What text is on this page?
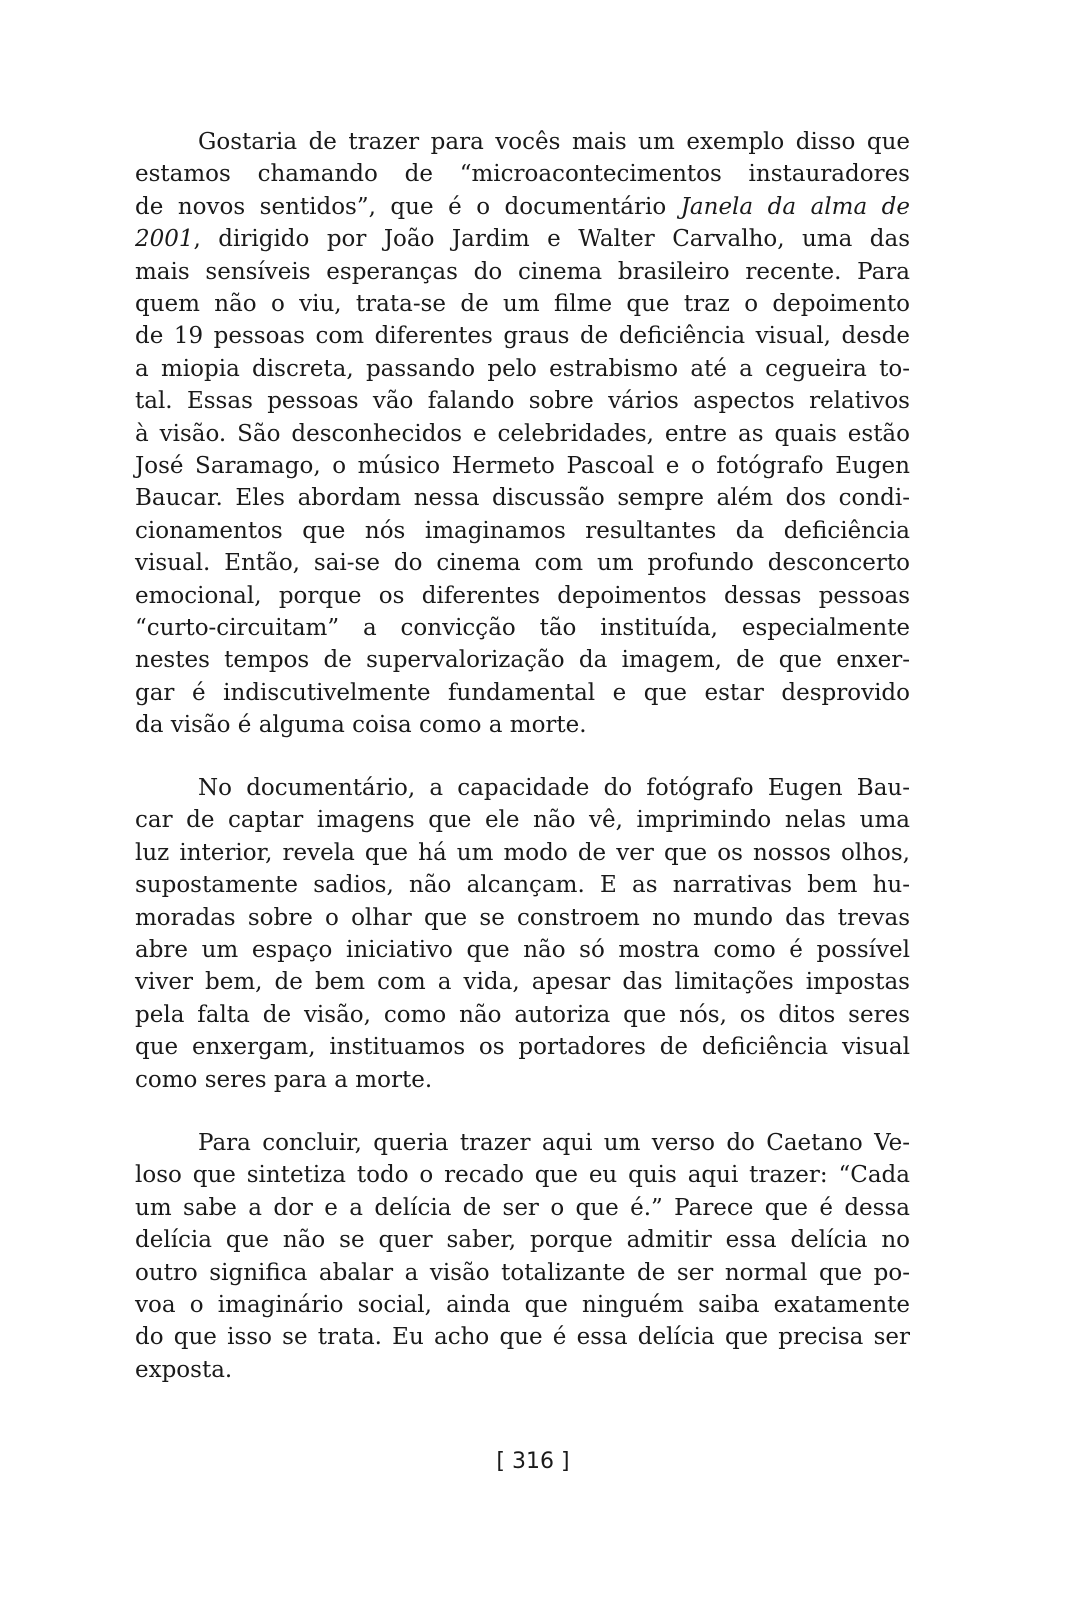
Gostaria de trazer para vocês mais um exemplo disso que
estamos chamando de “microacontecimentos instauradores
de novos sentidos”, que é o documentário Janela da alma de
2001, dirigido por João Jardim e Walter Carvalho, uma das
mais sensíveis esperanças do cinema brasileiro recente. Para
quem não o viu, trata-se de um filme que traz o depoimento
de 19 pessoas com diferentes graus de deficiência visual, desde
a miopia discreta, passando pelo estrabismo até a cegueira to-
tal. Essas pessoas vão falando sobre vários aspectos relativos
à visão. São desconhecidos e celebridades, entre as quais estão
José Saramago, o músico Hermeto Pascoal e o fotógrafo Eugen
Baucar. Eles abordam nessa discussão sempre além dos condi-
cionamentos que nós imaginamos resultantes da deficiência
visual. Então, sai-se do cinema com um profundo desconcerto
emocional, porque os diferentes depoimentos dessas pessoas
“curto-circuitam” a convicção tão instituída, especialmente
nestes tempos de supervalorização da imagem, de que enxer-
gar é indiscutivelmente fundamental e que estar desprovido
da visão é alguma coisa como a morte.
No documentário, a capacidade do fotógrafo Eugen Bau-
car de captar imagens que ele não vê, imprimindo nelas uma
luz interior, revela que há um modo de ver que os nossos olhos,
supostamente sadios, não alcançam. E as narrativas bem hu-
moradas sobre o olhar que se constroem no mundo das trevas
abre um espaço iniciativo que não só mostra como é possível
viver bem, de bem com a vida, apesar das limitações impostas
pela falta de visão, como não autoriza que nós, os ditos seres
que enxergam, instituamos os portadores de deficiência visual
como seres para a morte.
Para concluir, queria trazer aqui um verso do Caetano Ve-
loso que sintetiza todo o recado que eu quis aqui trazer: “Cada
um sabe a dor e a delícia de ser o que é.” Parece que é dessa
delícia que não se quer saber, porque admitir essa delícia no
outro significa abalar a visão totalizante de ser normal que po-
voa o imaginário social, ainda que ninguém saiba exatamente
do que isso se trata. Eu acho que é essa delícia que precisa ser
exposta.
[ 316 ]
